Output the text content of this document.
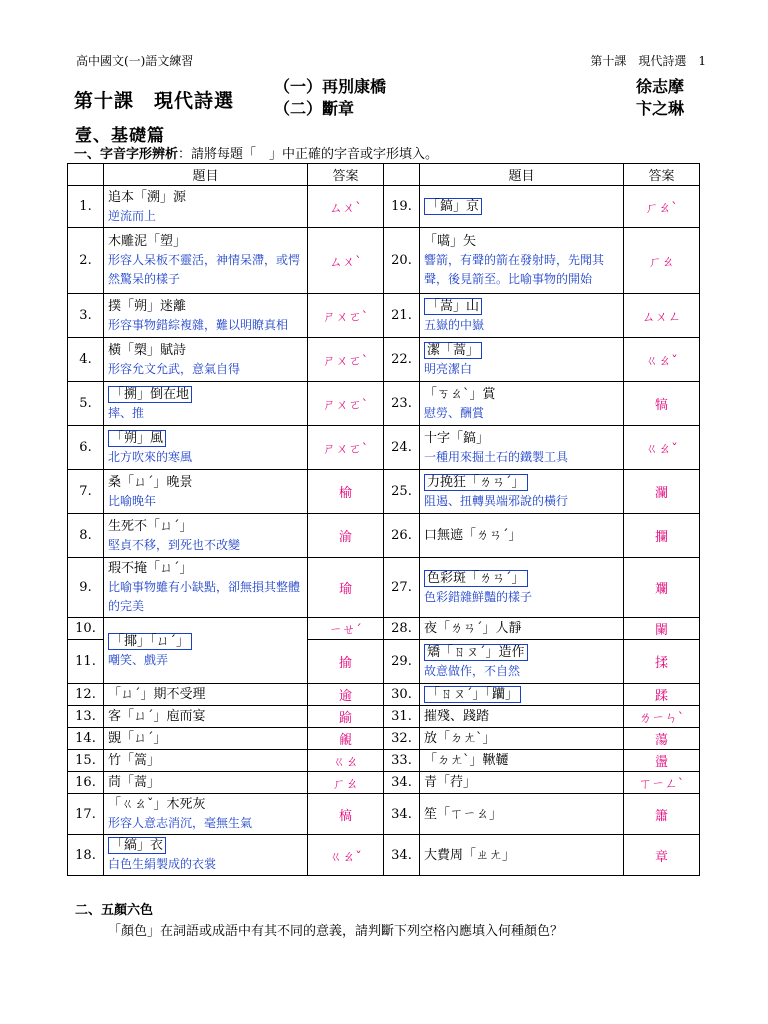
高中國文(一)語文練習	第十課　現代詩選　1
第十課　現代詩選
（一）再別康橋
（二）斷章
徐志摩
卞之琳
壹、基礎篇
一、字音字形辨析：請將每題「　」中正確的字音或字形填入。
	題目	答案		題目	答案
1.	追本「溯」源
逆流而上	ㄙㄨˋ	19.	「鎬」京	ㄏㄠˋ
2.	木雕泥「塑」
形容人呆板不靈活，神情呆滯，或愕然驚呆的樣子	ㄙㄨˋ	20.	「嚆」矢
響箭，有聲的箭在發射時，先聞其聲，後見箭至。比喻事物的開始	ㄏㄠ
3.	撲「朔」迷離
形容事物錯綜複雜，難以明瞭真相	ㄕㄨㄛˋ	21.	「嵩」山
五嶽的中嶽	ㄙㄨㄥ
4.	橫「槊」賦詩
形容允文允武，意氣自得	ㄕㄨㄛˋ	22.	潔「蒿」
明亮潔白	ㄍㄠˇ
5.	「搠」倒在地
摔、推	ㄕㄨㄛˋ	23.	「ㄎㄠˋ」賞
慰勞、酬賞	犒
6.	「朔」風
北方吹來的寒風	ㄕㄨㄛˋ	24.	十字「鎬」
一種用來掘土石的鐵製工具	ㄍㄠˇ
7.	桑「ㄩˊ」晚景
比喻晚年	榆	25.	力挽狂「ㄌㄢˊ」
阻遏、扭轉異端邪說的橫行	瀾
8.	生死不「ㄩˊ」
堅貞不移，到死也不改變	渝	26.	口無遮「ㄌㄢˊ」	攔
9.	瑕不掩「ㄩˊ」
比喻事物雖有小缺點，卻無損其整體的完美	瑜	27.	色彩斑「ㄌㄢˊ」
色彩錯雜鮮豔的樣子	斕
10.	「揶」「ㄩˊ」
嘲笑、戲弄	ㄧㄝˊ	28.	夜「ㄌㄢˊ」人靜	闌
11.		揄	29.	矯「ㄖㄡˊ」造作
故意做作，不自然	揉
12.	「ㄩˊ」期不受理	逾	30.	「ㄖㄡˊ」「躪」	蹂
13.	客「ㄩˊ」庖而宴	踰	31.	摧殘、踐踏	ㄌㄧㄣˋ
14.	覬「ㄩˊ」	覦	32.	放「ㄉㄤˋ」	蕩
15.	竹「篙」	ㄍㄠ	33.	「ㄉㄤˋ」鞦韆	盪
16.	茼「蒿」	ㄏㄠ	34.	青「荇」	ㄒㄧㄥˋ
17.	「ㄍㄠˇ」木死灰
形容人意志消沉，毫無生氣	槁	34.	笙「ㄒㄧㄠ」	簫
18.	「縞」衣
白色生絹製成的衣裳	ㄍㄠˇ	34.	大費周「ㄓㄤ」	章
二、五顏六色
「顏色」在詞語或成語中有其不同的意義，請判斷下列空格內應填入何種顏色？
